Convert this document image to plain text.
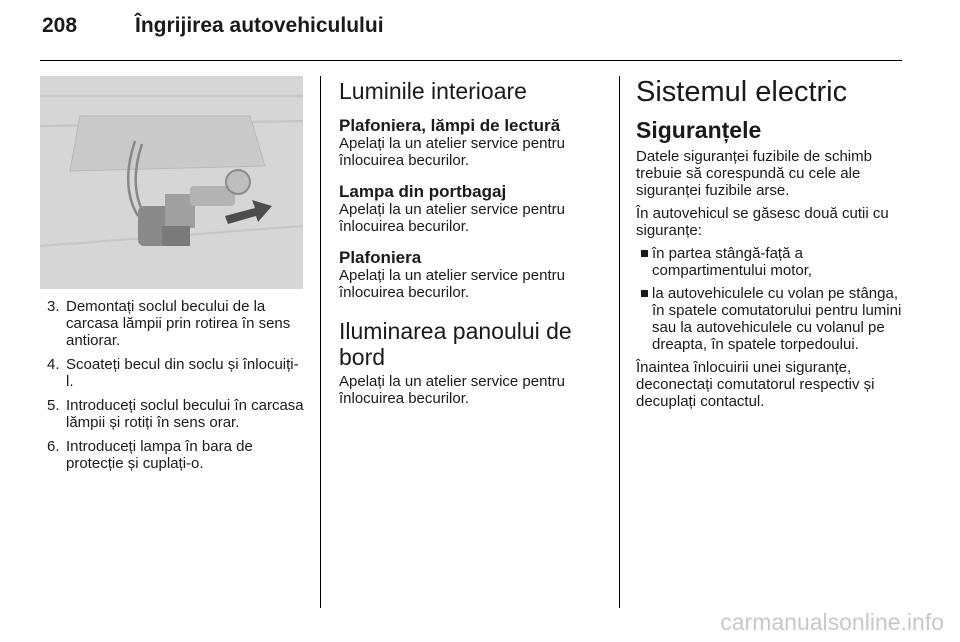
208	Îngrijirea autovehiculului
3. Demontați soclul becului de la carcasa lămpii prin rotirea în sens antiorar.
4. Scoateți becul din soclu și înlocuiți-l.
5. Introduceți soclul becului în carcasa lămpii și rotiți în sens orar.
6. Introduceți lampa în bara de protecție și cuplați-o.
Luminile interioare
Plafoniera, lămpi de lectură

Apelați la un atelier service pentru înlocuirea becurilor.

Lampa din portbagaj

Apelați la un atelier service pentru înlocuirea becurilor.

Plafoniera

Apelați la un atelier service pentru înlocuirea becurilor.

Iluminarea panoului de bord

Apelați la un atelier service pentru înlocuirea becurilor.

Sistemul electric
Siguranțele

Datele siguranței fuzibile de schimb trebuie să corespundă cu cele ale siguranței fuzibile arse.

În autovehicul se găsesc două cutii cu siguranțe:

în partea stângă-față a compartimentului motor,
la autovehiculele cu volan pe stânga, în spatele comutatorului pentru lumini sau la autovehiculele cu volanul pe dreapta, în spatele torpedoului.

Înaintea înlocuirii unei siguranțe, deconectați comutatorul respectiv și decuplați contactul.

carmanualsonline.info
